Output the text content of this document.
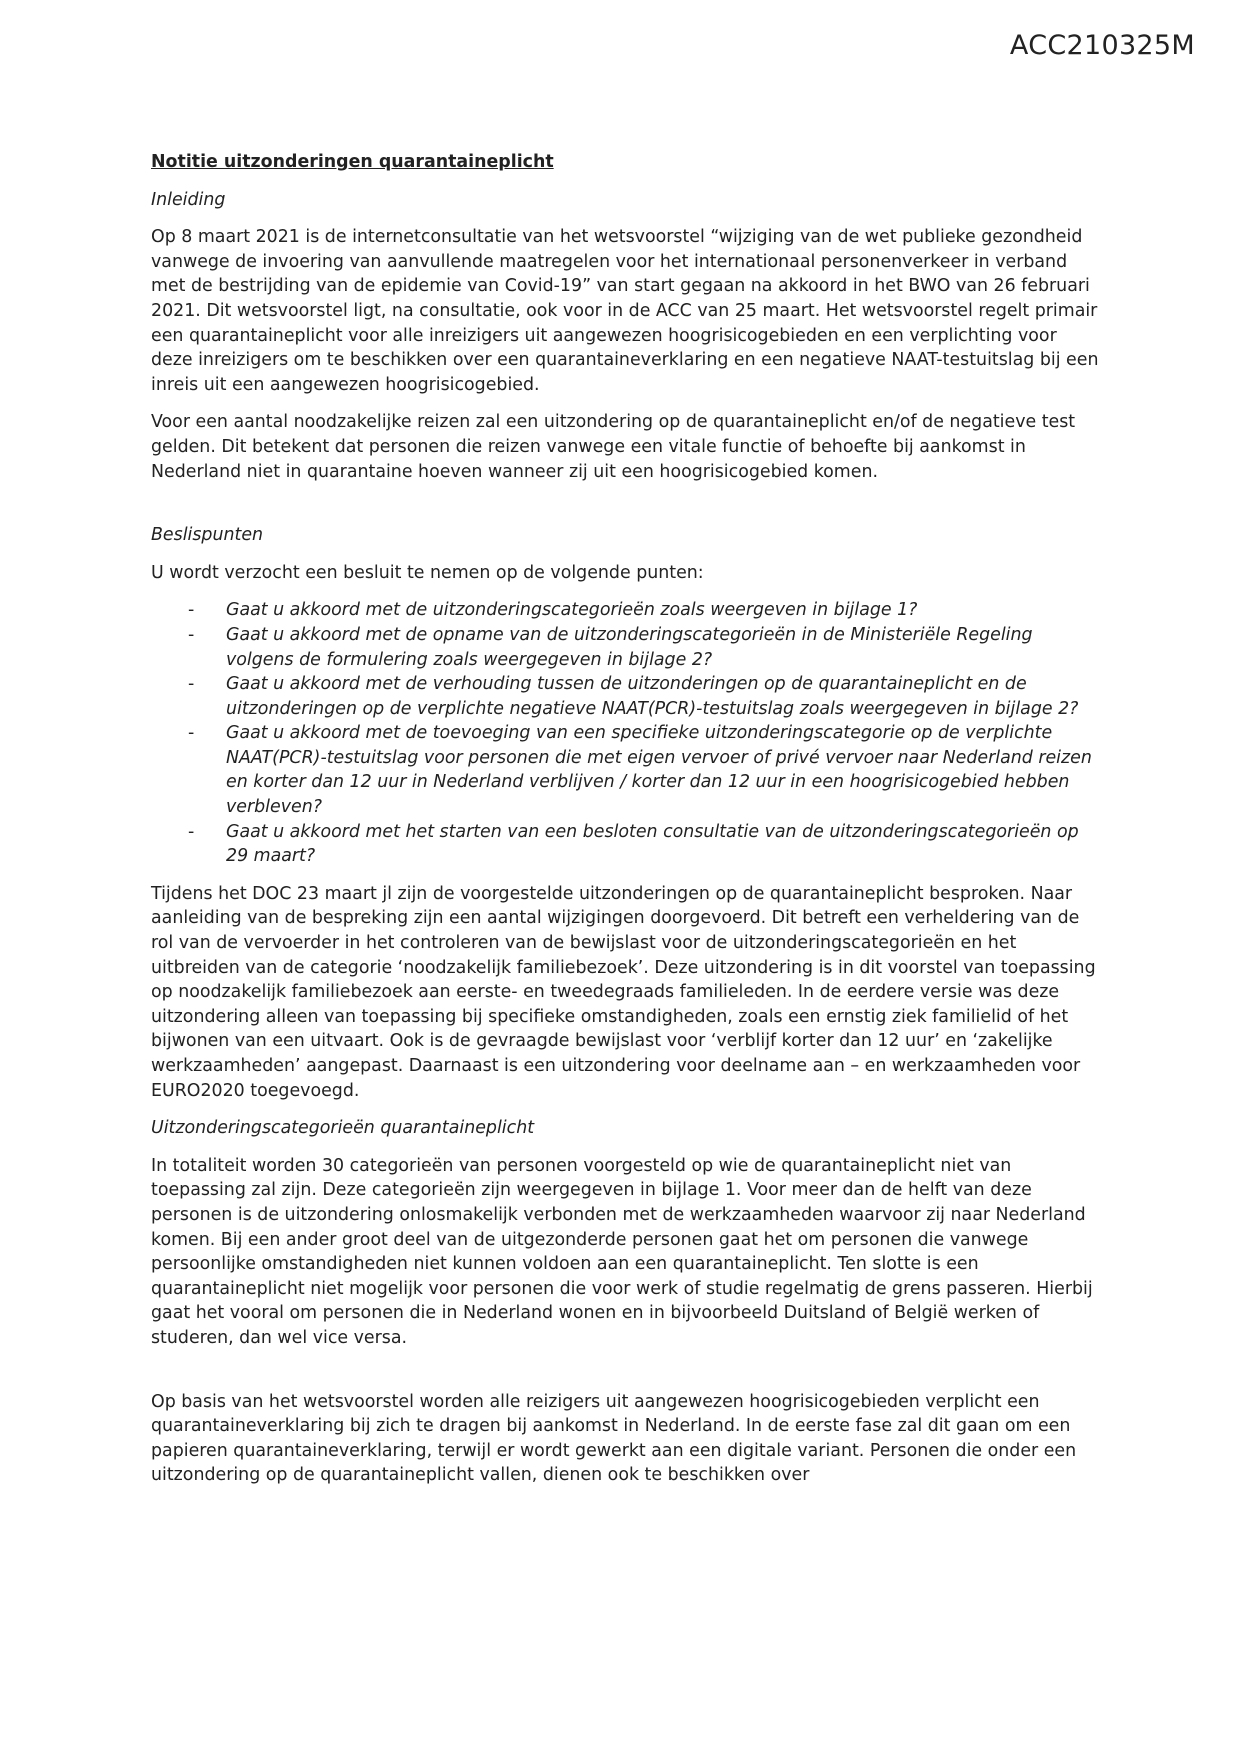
ACC210325M
Notitie uitzonderingen quarantaineplicht
Inleiding

Op 8 maart 2021 is de internetconsultatie van het wetsvoorstel “wijziging van de wet publieke gezondheid vanwege de invoering van aanvullende maatregelen voor het internationaal personenverkeer in verband met de bestrijding van de epidemie van Covid-19” van start gegaan na akkoord in het BWO van 26 februari 2021. Dit wetsvoorstel ligt, na consultatie, ook voor in de ACC van 25 maart. Het wetsvoorstel regelt primair een quarantaineplicht voor alle inreizigers uit aangewezen hoogrisicogebieden en een verplichting voor deze inreizigers om te beschikken over een quarantaineverklaring en een negatieve NAAT-testuitslag bij een inreis uit een aangewezen hoogrisicogebied.

Voor een aantal noodzakelijke reizen zal een uitzondering op de quarantaineplicht en/of de negatieve test gelden. Dit betekent dat personen die reizen vanwege een vitale functie of behoefte bij aankomst in Nederland niet in quarantaine hoeven wanneer zij uit een hoogrisicogebied komen.

Beslispunten

U wordt verzocht een besluit te nemen op de volgende punten:

- Gaat u akkoord met de uitzonderingscategorieën zoals weergeven in bijlage 1?
- Gaat u akkoord met de opname van de uitzonderingscategorieën in de Ministeriële Regeling volgens de formulering zoals weergegeven in bijlage 2?
- Gaat u akkoord met de verhouding tussen de uitzonderingen op de quarantaineplicht en de uitzonderingen op de verplichte negatieve NAAT(PCR)-testuitslag zoals weergegeven in bijlage 2?
- Gaat u akkoord met de toevoeging van een specifieke uitzonderingscategorie op de verplichte NAAT(PCR)-testuitslag voor personen die met eigen vervoer of privé vervoer naar Nederland reizen en korter dan 12 uur in Nederland verblijven / korter dan 12 uur in een hoogrisicogebied hebben verbleven?
- Gaat u akkoord met het starten van een besloten consultatie van de uitzonderingscategorieën op 29 maart?

Tijdens het DOC 23 maart jl zijn de voorgestelde uitzonderingen op de quarantaineplicht besproken. Naar aanleiding van de bespreking zijn een aantal wijzigingen doorgevoerd. Dit betreft een verheldering van de rol van de vervoerder in het controleren van de bewijslast voor de uitzonderingscategorieën en het uitbreiden van de categorie ‘noodzakelijk familiebezoek’. Deze uitzondering is in dit voorstel van toepassing op noodzakelijk familiebezoek aan eerste- en tweedegraads familieleden. In de eerdere versie was deze uitzondering alleen van toepassing bij specifieke omstandigheden, zoals een ernstig ziek familielid of het bijwonen van een uitvaart. Ook is de gevraagde bewijslast voor ‘verblijf korter dan 12 uur’ en ‘zakelijke werkzaamheden’ aangepast. Daarnaast is een uitzondering voor deelname aan – en werkzaamheden voor EURO2020 toegevoegd.

Uitzonderingscategorieën quarantaineplicht

In totaliteit worden 30 categorieën van personen voorgesteld op wie de quarantaineplicht niet van toepassing zal zijn. Deze categorieën zijn weergegeven in bijlage 1. Voor meer dan de helft van deze personen is de uitzondering onlosmakelijk verbonden met de werkzaamheden waarvoor zij naar Nederland komen. Bij een ander groot deel van de uitgezonderde personen gaat het om personen die vanwege persoonlijke omstandigheden niet kunnen voldoen aan een quarantaineplicht. Ten slotte is een quarantaineplicht niet mogelijk voor personen die voor werk of studie regelmatig de grens passeren. Hierbij gaat het vooral om personen die in Nederland wonen en in bijvoorbeeld Duitsland of België werken of studeren, dan wel vice versa.

Op basis van het wetsvoorstel worden alle reizigers uit aangewezen hoogrisicogebieden verplicht een quarantaineverklaring bij zich te dragen bij aankomst in Nederland. In de eerste fase zal dit gaan om een papieren quarantaineverklaring, terwijl er wordt gewerkt aan een digitale variant. Personen die onder een uitzondering op de quarantaineplicht vallen, dienen ook te beschikken over
